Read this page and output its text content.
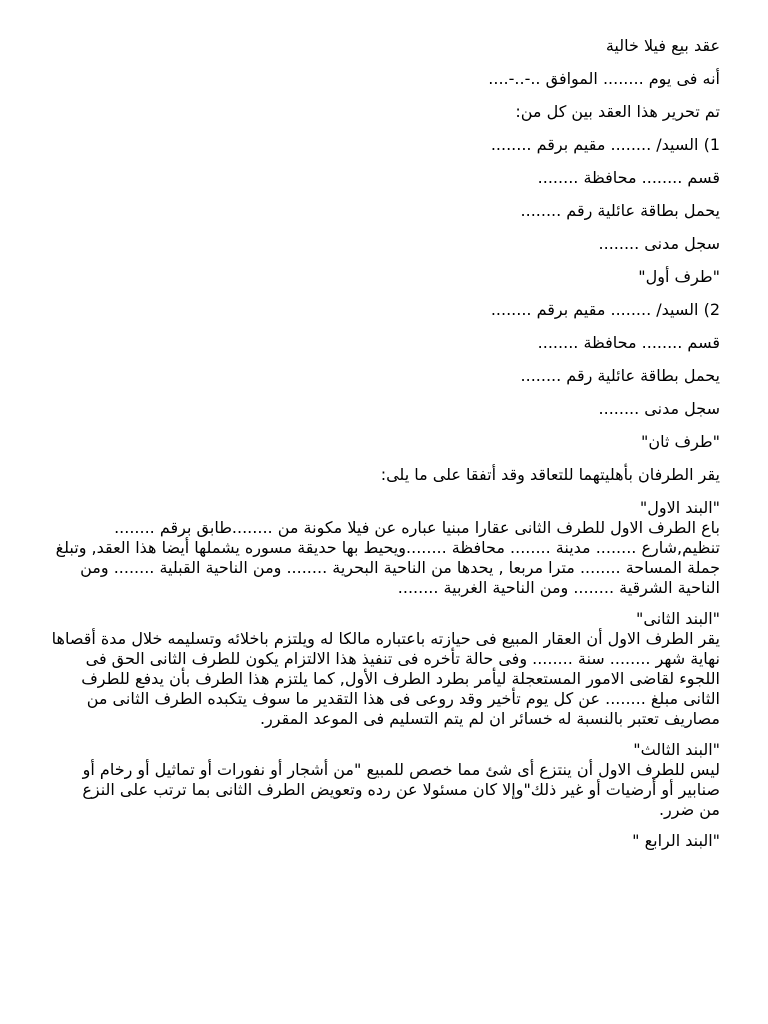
عقد بيع فيلا خالية

أنه فى يوم ........ الموافق ..-..-....

تم تحرير هذا العقد بين كل من:

1) السيد/ ........ مقيم برقم ........

قسم ........ محافظة ........

يحمل بطاقة عائلية رقم ........

سجل مدنى ........

"طرف أول"

2) السيد/ ........ مقيم برقم ........

قسم ........ محافظة ........

يحمل بطاقة عائلية رقم ........

سجل مدنى ........

"طرف ثان"

يقر الطرفان بأهليتهما للتعاقد وقد أتفقا على ما يلى:

"البند الاول"

باع الطرف الاول للطرف الثانى عقارا مبنيا عباره عن فيلا مكونة من ........طابق برقم ........
تنظيم,شارع ........ مدينة ........ محافظة ........ويحيط بها حديقة مسوره يشملها أيضا هذا العقد, وتبلغ
جملة المساحة ........ مترا مربعا , يحدها من الناحية البحرية ........ ومن الناحية القبلية ........ ومن
الناحية الشرقية ........ ومن الناحية الغربية ........

"البند الثانى"

يقر الطرف الاول أن العقار المبيع فى حيازته باعتباره مالكا له ويلتزم باخلائه وتسليمه خلال مدة أقصاها
نهاية شهر ........ سنة ........ وفى حالة تأخره فى تنفيذ هذا الالتزام يكون للطرف الثانى الحق فى
اللجوء لقاضى الامور المستعجلة ليأمر بطرد الطرف الأول, كما يلتزم هذا الطرف بأن يدفع للطرف
الثانى مبلغ ........ عن كل يوم تأخير وقد روعى فى هذا التقدير ما سوف يتكبده الطرف الثانى من
مصاريف تعتبر بالنسبة له خسائر ان لم يتم التسليم فى الموعد المقرر.

"البند الثالث"

ليس للطرف الاول أن ينتزع أى شئ مما خصص للمبيع "من أشجار أو نفورات أو تماثيل أو رخام أو
صنابير أو أرضيات أو غير ذلك"وإلا كان مسئولا عن رده وتعويض الطرف الثانى بما ترتب على النزع
من ضرر.

"البند الرابع "
